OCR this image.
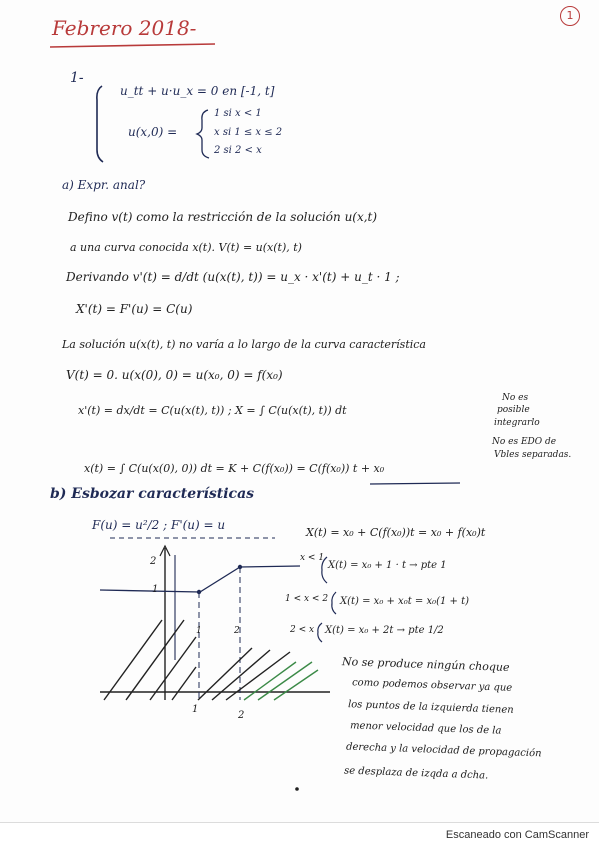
Febrero 2018-
1
1-
u_tt + u·u_x = 0 en [-1, t]
u(x,0) =
1 si x < 1
x si 1 ≤ x ≤ 2
2 si 2 < x
a) Expr. anal?
Defino v(t) como la restricción de la solución u(x,t)
a una curva conocida x(t). V(t) = u(x(t), t)
Derivando v'(t) = d/dt (u(x(t), t)) = u_x · x'(t) + u_t · 1 ;
X'(t) = F'(u) = C(u)
La solución u(x(t), t) no varía a lo largo de la curva característica
V(t) = 0. u(x(0), 0) = u(x₀, 0) = f(x₀)
x'(t) = dx/dt = C(u(x(t), t)) ; X = ∫ C(u(x(t), t)) dt
x(t) = ∫ C(u(x(0), 0)) dt = K + C(f(x₀)) = C(f(x₀)) t + x₀
No es
posible
integrarlo
No es EDO de
Vbles separadas.
b) Esbozar características
F(u) = u²/2 ; F'(u) = u
X(t) = x₀ + C(f(x₀))t = x₀ + f(x₀)t
x < 1
X(t) = x₀ + 1 · t → pte 1
1 < x < 2 X(t) = x₀ + x₀t = x₀(1 + t)
2 < x X(t) = x₀ + 2t → pte 1/2
2
1
1	2
1
2
No se produce ningún choque
como podemos observar ya que
los puntos de la izquierda tienen
menor velocidad que los de la
derecha y la velocidad de propagación
se desplaza de izqda a dcha.
Escaneado con CamScanner
